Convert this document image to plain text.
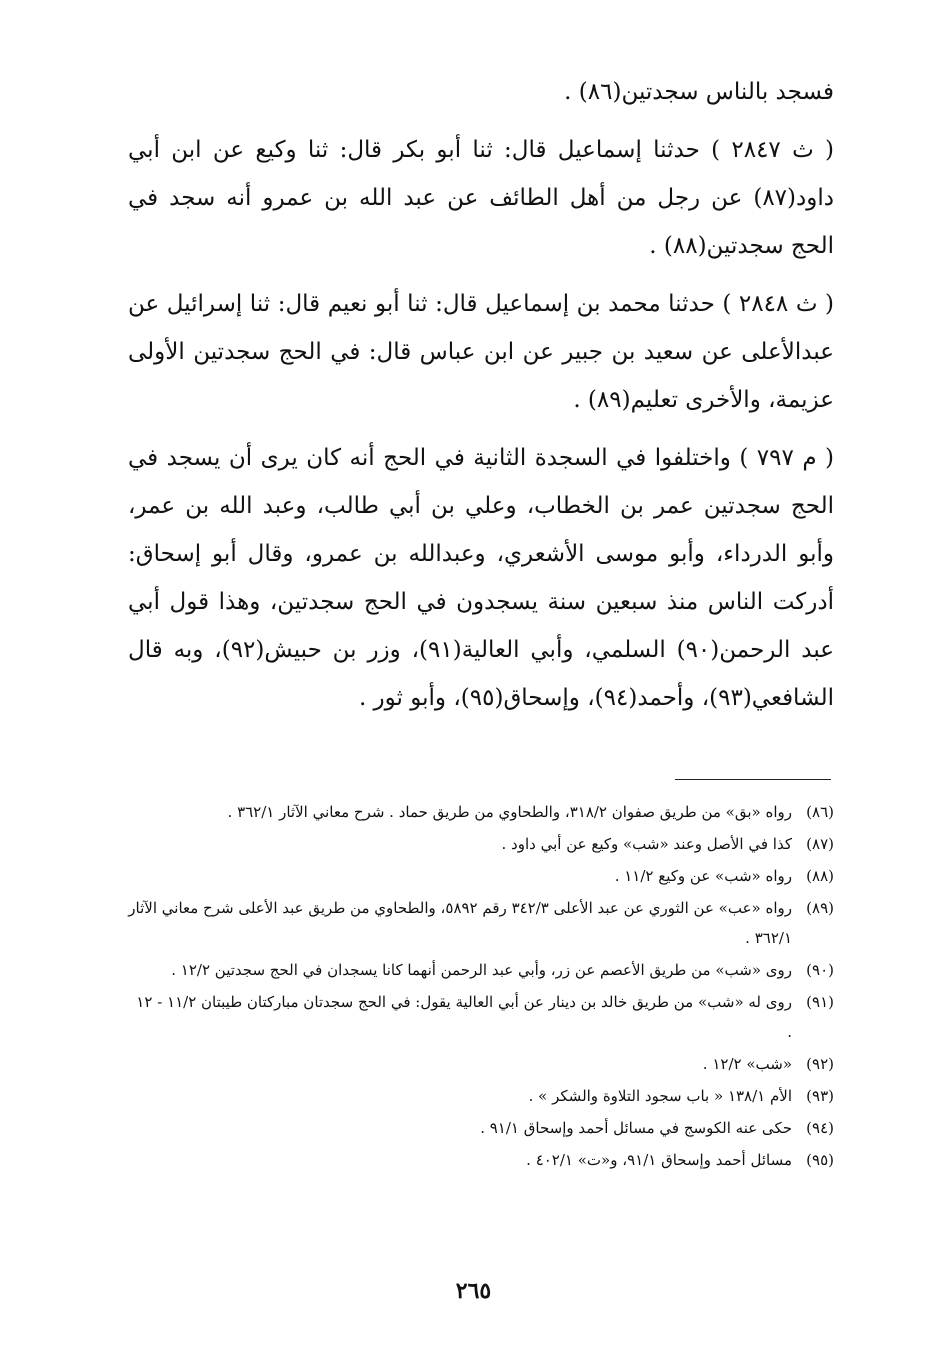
فسجد بالناس سجدتين(٨٦) .

( ث ٢٨٤٧ ) حدثنا إسماعيل قال: ثنا أبو بكر قال: ثنا وكيع عن ابن أبي داود(٨٧) عن رجل من أهل الطائف عن عبد الله بن عمرو أنه سجد في الحج سجدتين(٨٨) .

( ث ٢٨٤٨ ) حدثنا محمد بن إسماعيل قال: ثنا أبو نعيم قال: ثنا إسرائيل عن عبدالأعلى عن سعيد بن جبير عن ابن عباس قال: في الحج سجدتين الأولى عزيمة، والأخرى تعليم(٨٩) .

( م ٧٩٧ ) واختلفوا في السجدة الثانية في الحج أنه كان يرى أن يسجد في الحج سجدتين عمر بن الخطاب، وعلي بن أبي طالب، وعبد الله بن عمر، وأبو الدرداء، وأبو موسى الأشعري، وعبدالله بن عمرو، وقال أبو إسحاق: أدركت الناس منذ سبعين سنة يسجدون في الحج سجدتين، وهذا قول أبي عبد الرحمن(٩٠) السلمي، وأبي العالية(٩١)، وزر بن حبيش(٩٢)، وبه قال الشافعي(٩٣)، وأحمد(٩٤)، وإسحاق(٩٥)، وأبو ثور .

(٨٦)
رواه «بق» من طريق صفوان ٣١٨/٢، والطحاوي من طريق حماد . شرح معاني الآثار ٣٦٢/١ .
(٨٧)
كذا في الأصل وعند «شب» وكيع عن أبي داود .
(٨٨)
رواه «شب» عن وكيع ١١/٢ .
(٨٩)
رواه «عب» عن الثوري عن عبد الأعلى ٣٤٢/٣ رقم ٥٨٩٢، والطحاوي من طريق عبد الأعلى شرح معاني الآثار ٣٦٢/١ .
(٩٠)
روى «شب» من طريق الأعصم عن زر، وأبي عبد الرحمن أنهما كانا يسجدان في الحج سجدتين ١٢/٢ .
(٩١)
روى له «شب» من طريق خالد بن دينار عن أبي العالية يقول: في الحج سجدتان مباركتان طيبتان ١١/٢ - ١٢ .
(٩٢)
«شب» ١٢/٢ .
(٩٣)
الأم ١٣٨/١ « باب سجود التلاوة والشكر » .
(٩٤)
حكى عنه الكوسج في مسائل أحمد وإسحاق ٩١/١ .
(٩٥)
مسائل أحمد وإسحاق ٩١/١، و«ت» ٤٠٢/١ .
٢٦٥
